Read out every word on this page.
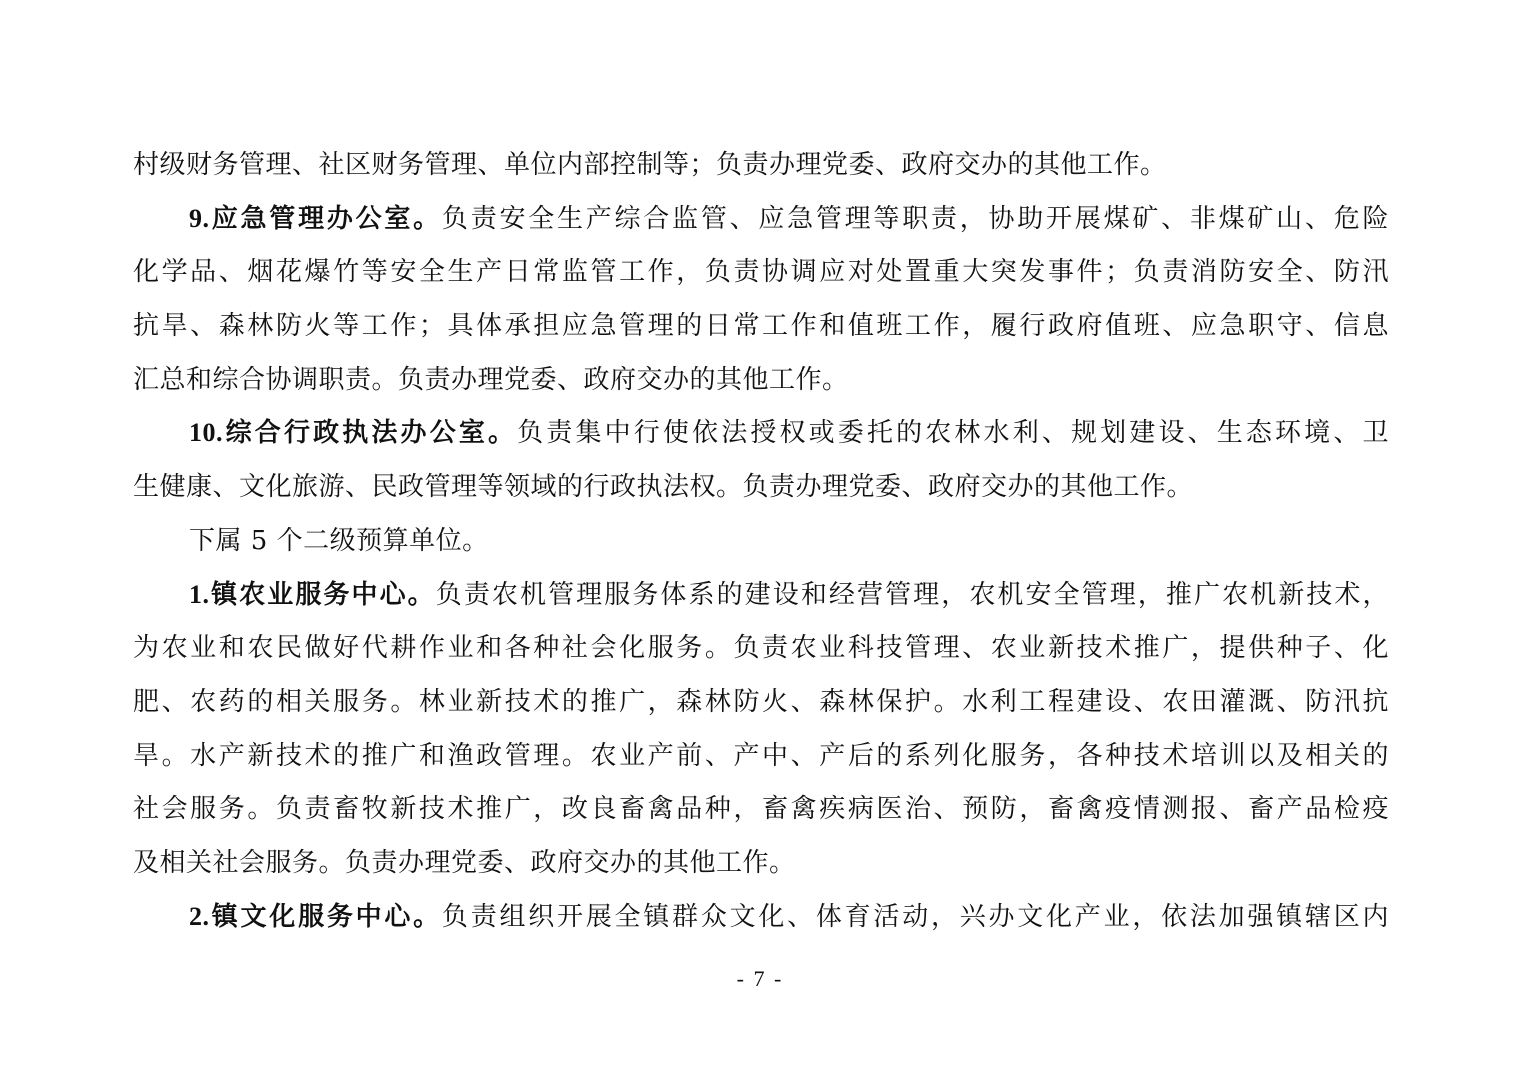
村级财务管理、社区财务管理、单位内部控制等；负责办理党委、政府交办的其他工作。
9.应急管理办公室。负责安全生产综合监管、应急管理等职责，协助开展煤矿、非煤矿山、危险
化学品、烟花爆竹等安全生产日常监管工作，负责协调应对处置重大突发事件；负责消防安全、防汛
抗旱、森林防火等工作；具体承担应急管理的日常工作和值班工作，履行政府值班、应急职守、信息
汇总和综合协调职责。负责办理党委、政府交办的其他工作。
10.综合行政执法办公室。负责集中行使依法授权或委托的农林水利、规划建设、生态环境、卫
生健康、文化旅游、民政管理等领域的行政执法权。负责办理党委、政府交办的其他工作。
下属 5 个二级预算单位。
1.镇农业服务中心。负责农机管理服务体系的建设和经营管理，农机安全管理，推广农机新技术，
为农业和农民做好代耕作业和各种社会化服务。负责农业科技管理、农业新技术推广，提供种子、化
肥、农药的相关服务。林业新技术的推广，森林防火、森林保护。水利工程建设、农田灌溉、防汛抗
旱。水产新技术的推广和渔政管理。农业产前、产中、产后的系列化服务，各种技术培训以及相关的
社会服务。负责畜牧新技术推广，改良畜禽品种，畜禽疾病医治、预防，畜禽疫情测报、畜产品检疫
及相关社会服务。负责办理党委、政府交办的其他工作。
2.镇文化服务中心。负责组织开展全镇群众文化、体育活动，兴办文化产业，依法加强镇辖区内
- 7 -
